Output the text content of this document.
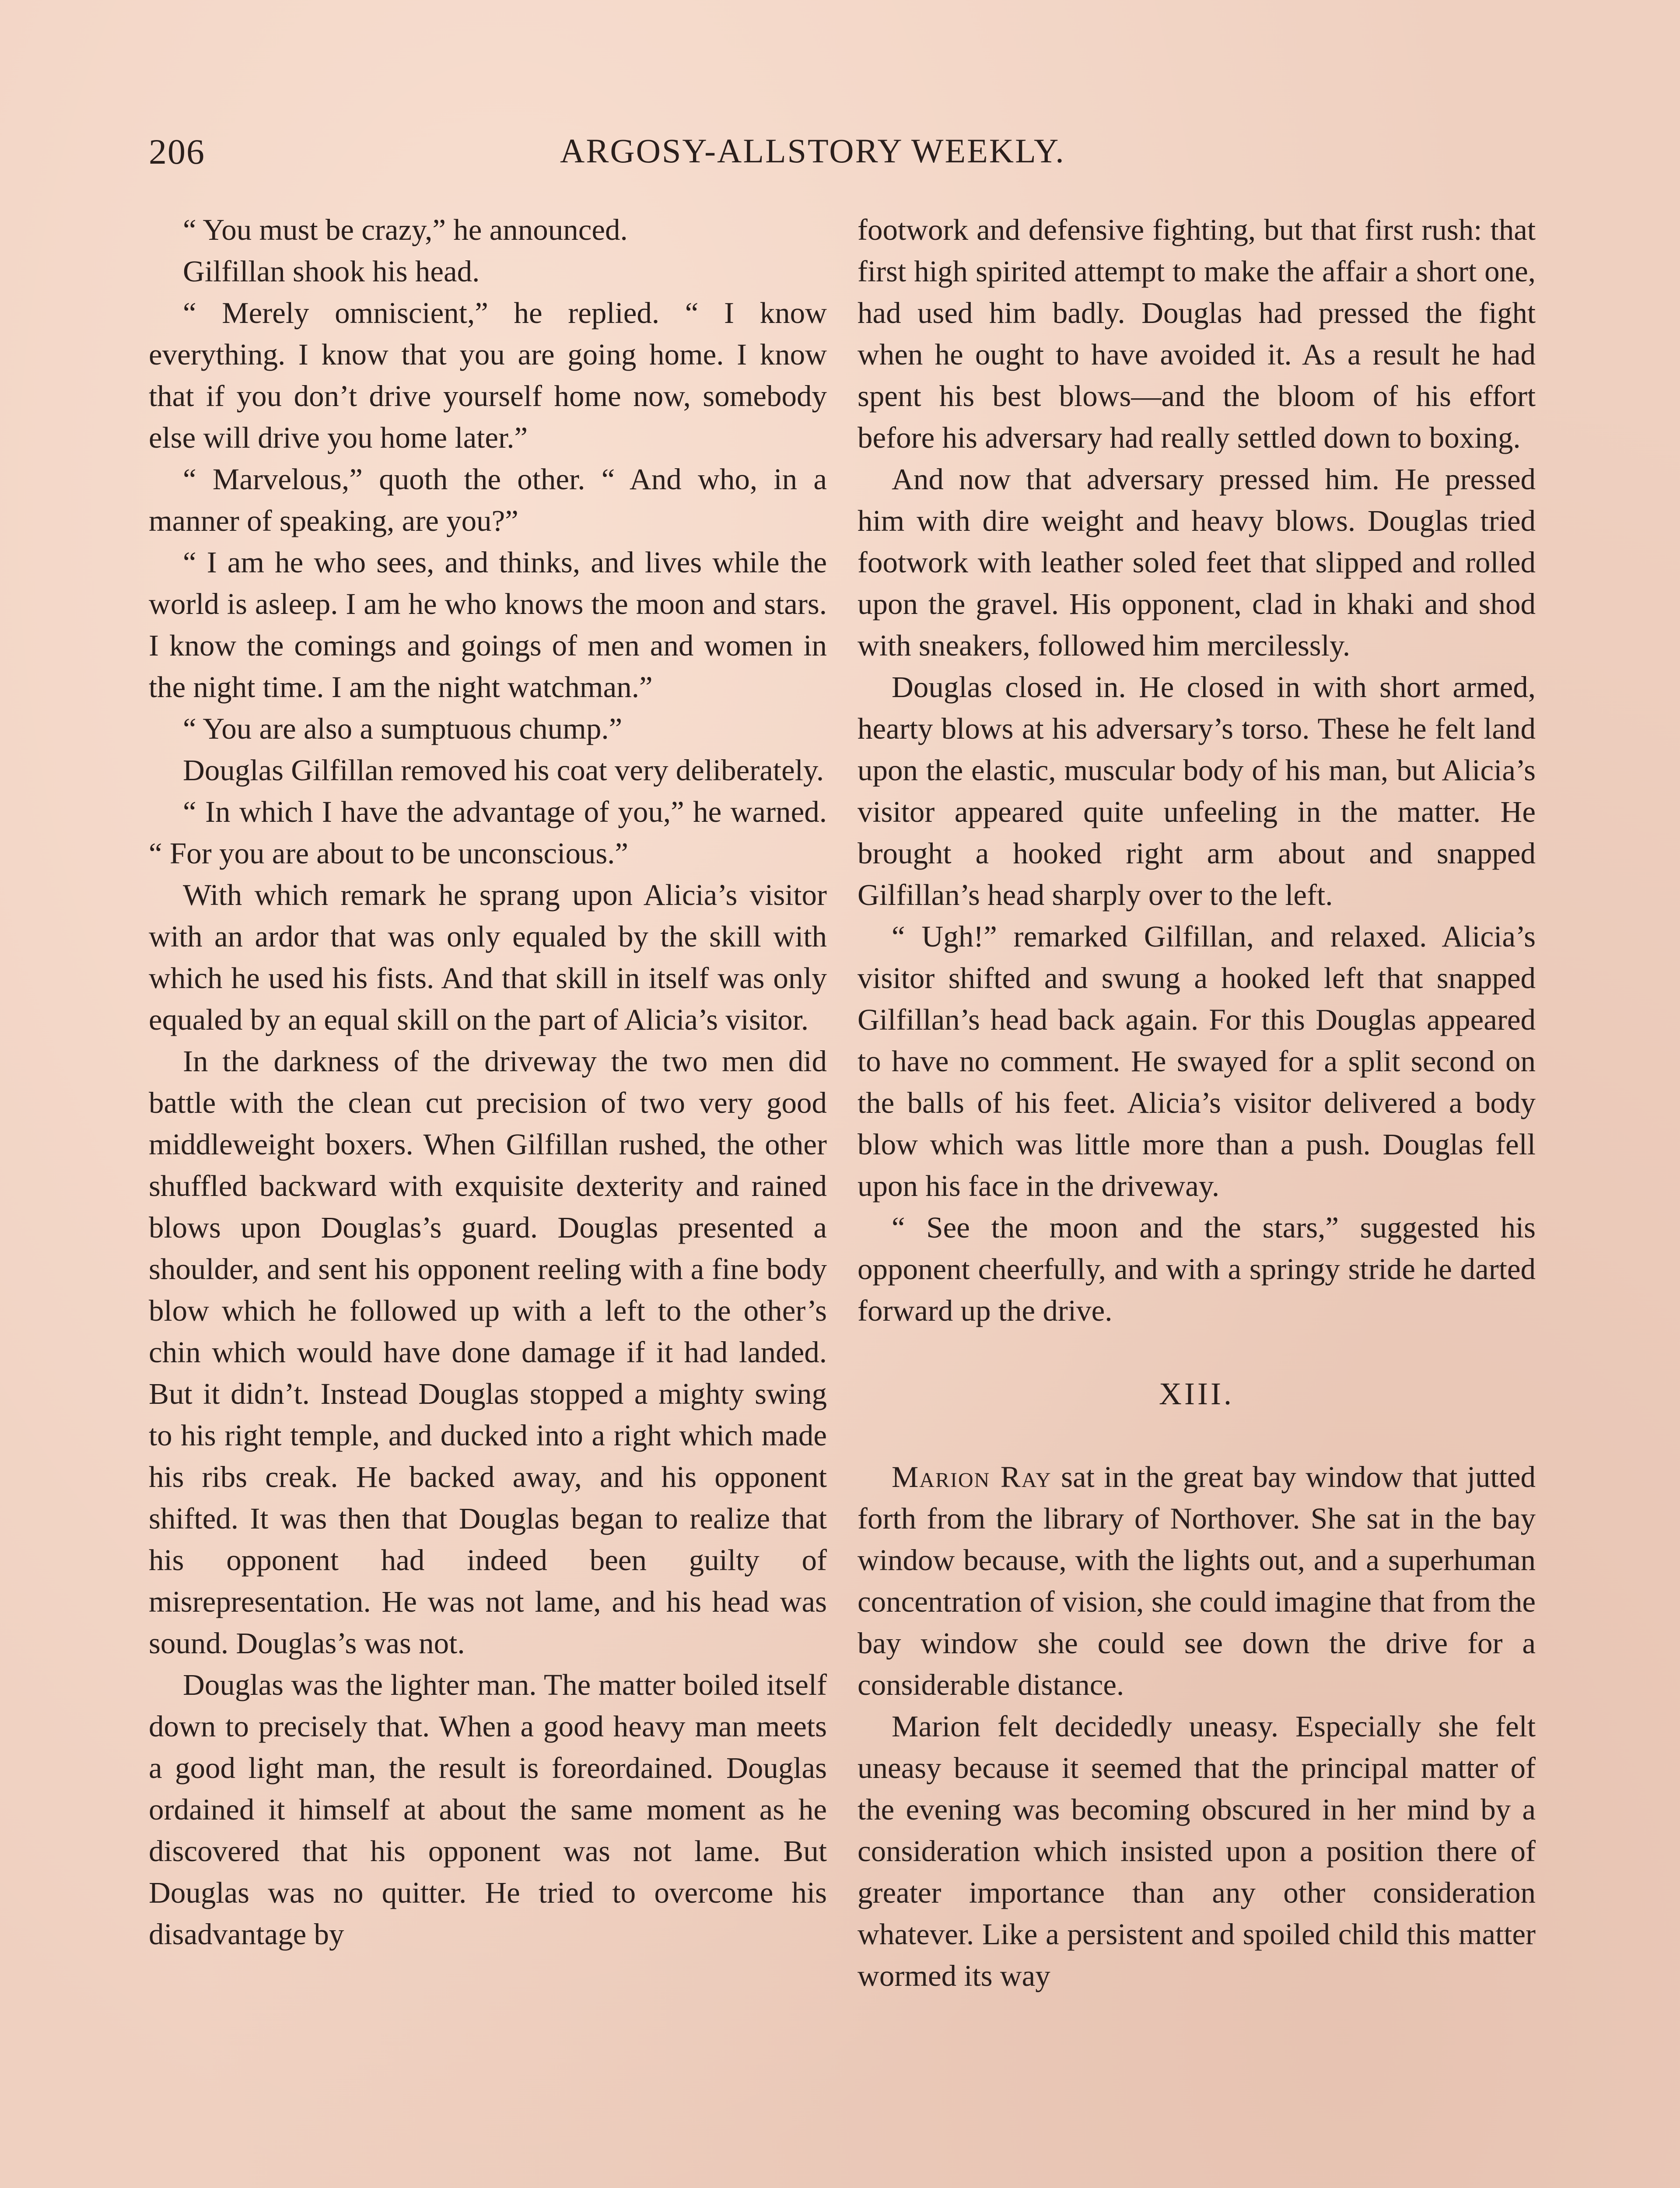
206	ARGOSY-ALLSTORY WEEKLY.

“ You must be crazy,” he announced.

Gilfillan shook his head.

“ Merely omniscient,” he replied. “ I know everything. I know that you are going home. I know that if you don’t drive yourself home now, somebody else will drive you home later.”

“ Marvelous,” quoth the other. “ And who, in a manner of speaking, are you?”

“ I am he who sees, and thinks, and lives while the world is asleep. I am he who knows the moon and stars. I know the comings and goings of men and women in the night time. I am the night watchman.”

“ You are also a sumptuous chump.”

Douglas Gilfillan removed his coat very deliberately.

“ In which I have the advantage of you,” he warned. “ For you are about to be unconscious.”

With which remark he sprang upon Alicia’s visitor with an ardor that was only equaled by the skill with which he used his fists. And that skill in itself was only equaled by an equal skill on the part of Alicia’s visitor.

In the darkness of the driveway the two men did battle with the clean cut precision of two very good middleweight boxers. When Gilfillan rushed, the other shuffled backward with exquisite dexterity and rained blows upon Douglas’s guard. Douglas presented a shoulder, and sent his opponent reeling with a fine body blow which he followed up with a left to the other’s chin which would have done damage if it had landed. But it didn’t. Instead Douglas stopped a mighty swing to his right temple, and ducked into a right which made his ribs creak. He backed away, and his opponent shifted. It was then that Douglas began to realize that his opponent had indeed been guilty of misrepresentation. He was not lame, and his head was sound. Douglas’s was not.

Douglas was the lighter man. The matter boiled itself down to precisely that. When a good heavy man meets a good light man, the result is foreordained. Douglas ordained it himself at about the same moment as he discovered that his opponent was not lame. But Douglas was no quitter. He tried to overcome his disadvantage by

footwork and defensive fighting, but that first rush: that first high spirited attempt to make the affair a short one, had used him badly. Douglas had pressed the fight when he ought to have avoided it. As a result he had spent his best blows—and the bloom of his effort before his adversary had really settled down to boxing.

And now that adversary pressed him. He pressed him with dire weight and heavy blows. Douglas tried footwork with leather soled feet that slipped and rolled upon the gravel. His opponent, clad in khaki and shod with sneakers, followed him mercilessly.

Douglas closed in. He closed in with short armed, hearty blows at his adversary’s torso. These he felt land upon the elastic, muscular body of his man, but Alicia’s visitor appeared quite unfeeling in the matter. He brought a hooked right arm about and snapped Gilfillan’s head sharply over to the left.

“ Ugh!” remarked Gilfillan, and relaxed. Alicia’s visitor shifted and swung a hooked left that snapped Gilfillan’s head back again. For this Douglas appeared to have no comment. He swayed for a split second on the balls of his feet. Alicia’s visitor delivered a body blow which was little more than a push. Douglas fell upon his face in the driveway.

“ See the moon and the stars,” suggested his opponent cheerfully, and with a springy stride he darted forward up the drive.

XIII.

Marion Ray sat in the great bay window that jutted forth from the library of Northover. She sat in the bay window because, with the lights out, and a superhuman concentration of vision, she could imagine that from the bay window she could see down the drive for a considerable distance.

Marion felt decidedly uneasy. Especially she felt uneasy because it seemed that the principal matter of the evening was becoming obscured in her mind by a consideration which insisted upon a position there of greater importance than any other consideration whatever. Like a persistent and spoiled child this matter wormed its way
